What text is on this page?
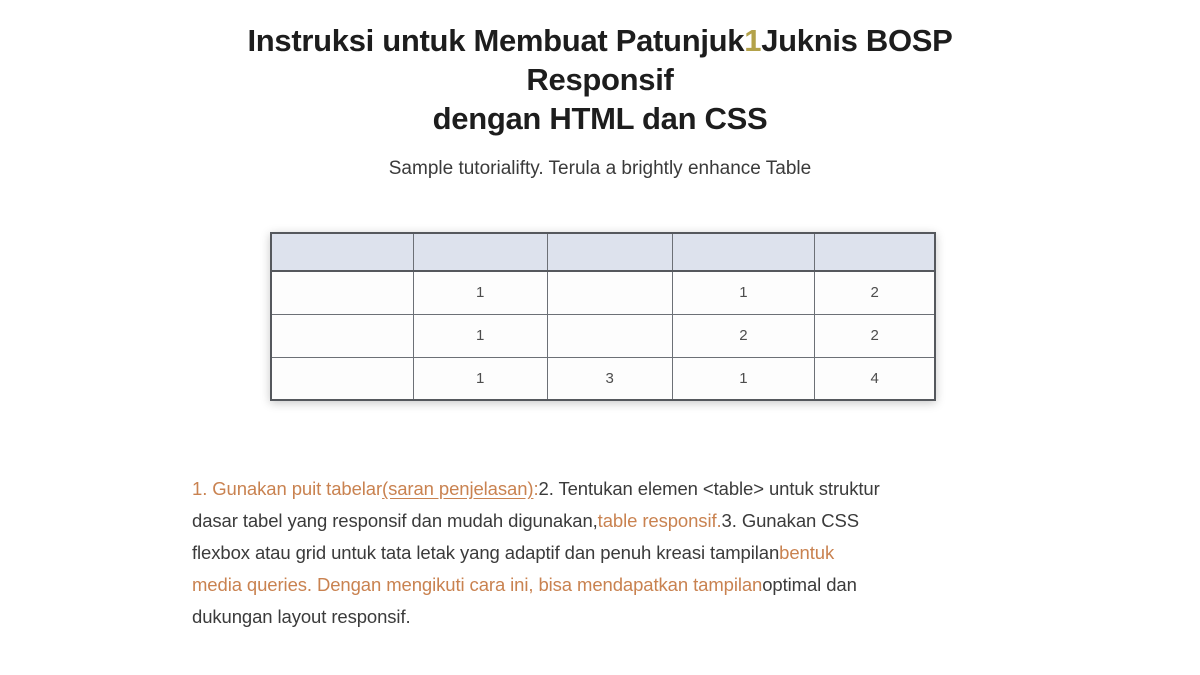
Instruksi untuk Membuat Patunjuk1Juknis BOSP
Responsif
dengan HTML dan CSS
Sample tutorialifty. Terula a brightly enhance Table

	1		1	2
	1		2	2
	1	3	1	4

1. Gunakan puit tabelar(saran penjelasan):2. Tentukan elemen <table> untuk struktur
dasar tabel yang responsif dan mudah digunakan,table responsif.3. Gunakan CSS
flexbox atau grid untuk tata letak yang adaptif dan penuh kreasi tampilanbentuk
media queries. Dengan mengikuti cara ini, bisa mendapatkan tampilanoptimal dan
dukungan layout responsif.
